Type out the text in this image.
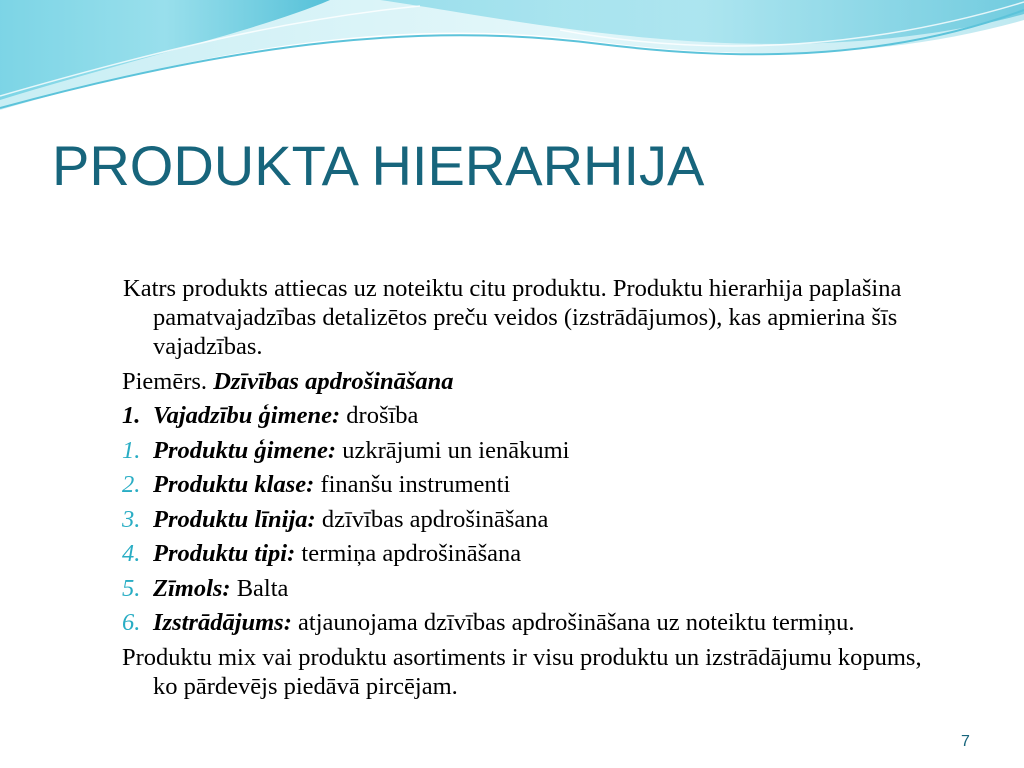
PRODUKTA HIERARHIJA

Katrs produkts attiecas uz noteiktu citu produktu. Produktu hierarhija paplašina pamatvajadzības detalizētos preču veidos (izstrādājumos), kas apmierina šīs vajadzības.

Piemērs. Dzīvības apdrošināšana

1. Vajadzību ģimene: drošība
1. Produktu ģimene: uzkrājumi un ienākumi
2. Produktu klase: finanšu instrumenti
3. Produktu līnija: dzīvības apdrošināšana
4. Produktu tipi: termiņa apdrošināšana
5. Zīmols: Balta
6. Izstrādājums: atjaunojama dzīvības apdrošināšana uz noteiktu termiņu.

Produktu mix vai produktu asortiments ir visu produktu un izstrādājumu kopums, ko pārdevējs piedāvā pircējam.

7
